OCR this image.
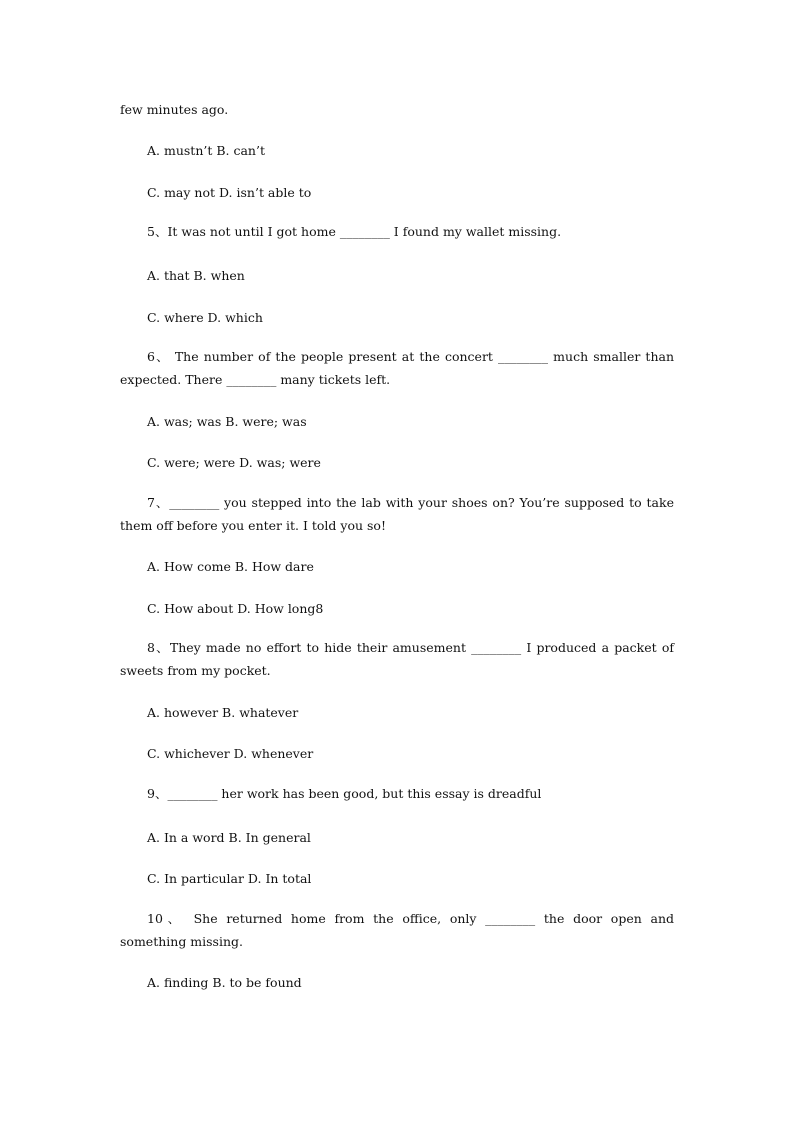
few minutes ago.
A. mustn’t B. can’t
C. may not D. isn’t able to
5、It was not until I got home ________ I found my wallet missing.
A. that B. when
C. where D. which
6、 The number of the people present at the concert ________ much smaller than expected. There ________ many tickets left.
A. was; was B. were; was
C. were; were D. was; were
7、________ you stepped into the lab with your shoes on? You’re supposed to take them off before you enter it. I told you so!
A. How come B. How dare
C. How about D. How long8
8、They made no effort to hide their amusement ________ I produced a packet of sweets from my pocket.
A. however B. whatever
C. whichever D. whenever
9、________ her work has been good, but this essay is dreadful
A. In a word B. In general
C. In particular D. In total
10、 She returned home from the office, only ________ the door open and something missing.
A. finding B. to be found
